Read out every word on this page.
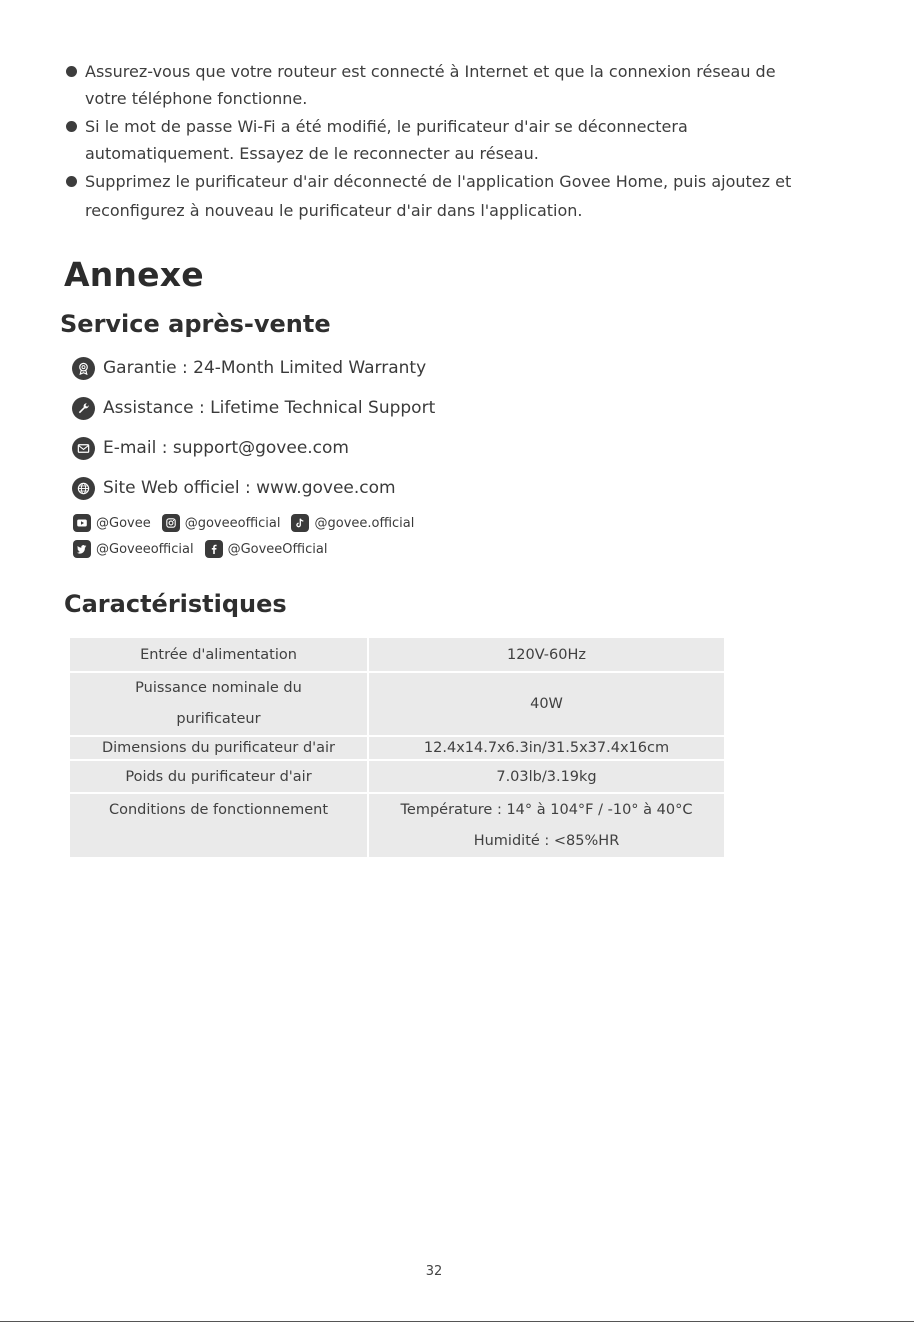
Assurez-vous que votre routeur est connecté à Internet et que la connexion réseau de
votre téléphone fonctionne.
Si le mot de passe Wi-Fi a été modifié, le purificateur d'air se déconnectera
automatiquement. Essayez de le reconnecter au réseau.
Supprimez le purificateur d'air déconnecté de l'application Govee Home, puis ajoutez et
reconfigurez à nouveau le purificateur d'air dans l'application.
Annexe
Service après-vente
Garantie : 24-Month Limited Warranty
Assistance : Lifetime Technical Support
E-mail : support@govee.com
Site Web officiel : www.govee.com
@Govee	@goveeofficial	@govee.official
@Goveeofficial	@GoveeOfficial
Caractéristiques
Entrée d'alimentation	120V-60Hz
Puissance nominale du
purificateur	40W
Dimensions du purificateur d'air	12.4x14.7x6.3in/31.5x37.4x16cm
Poids du purificateur d'air	7.03lb/3.19kg
Conditions de fonctionnement	Température : 14° à 104°F / -10° à 40°C
Humidité : <85%HR
32
